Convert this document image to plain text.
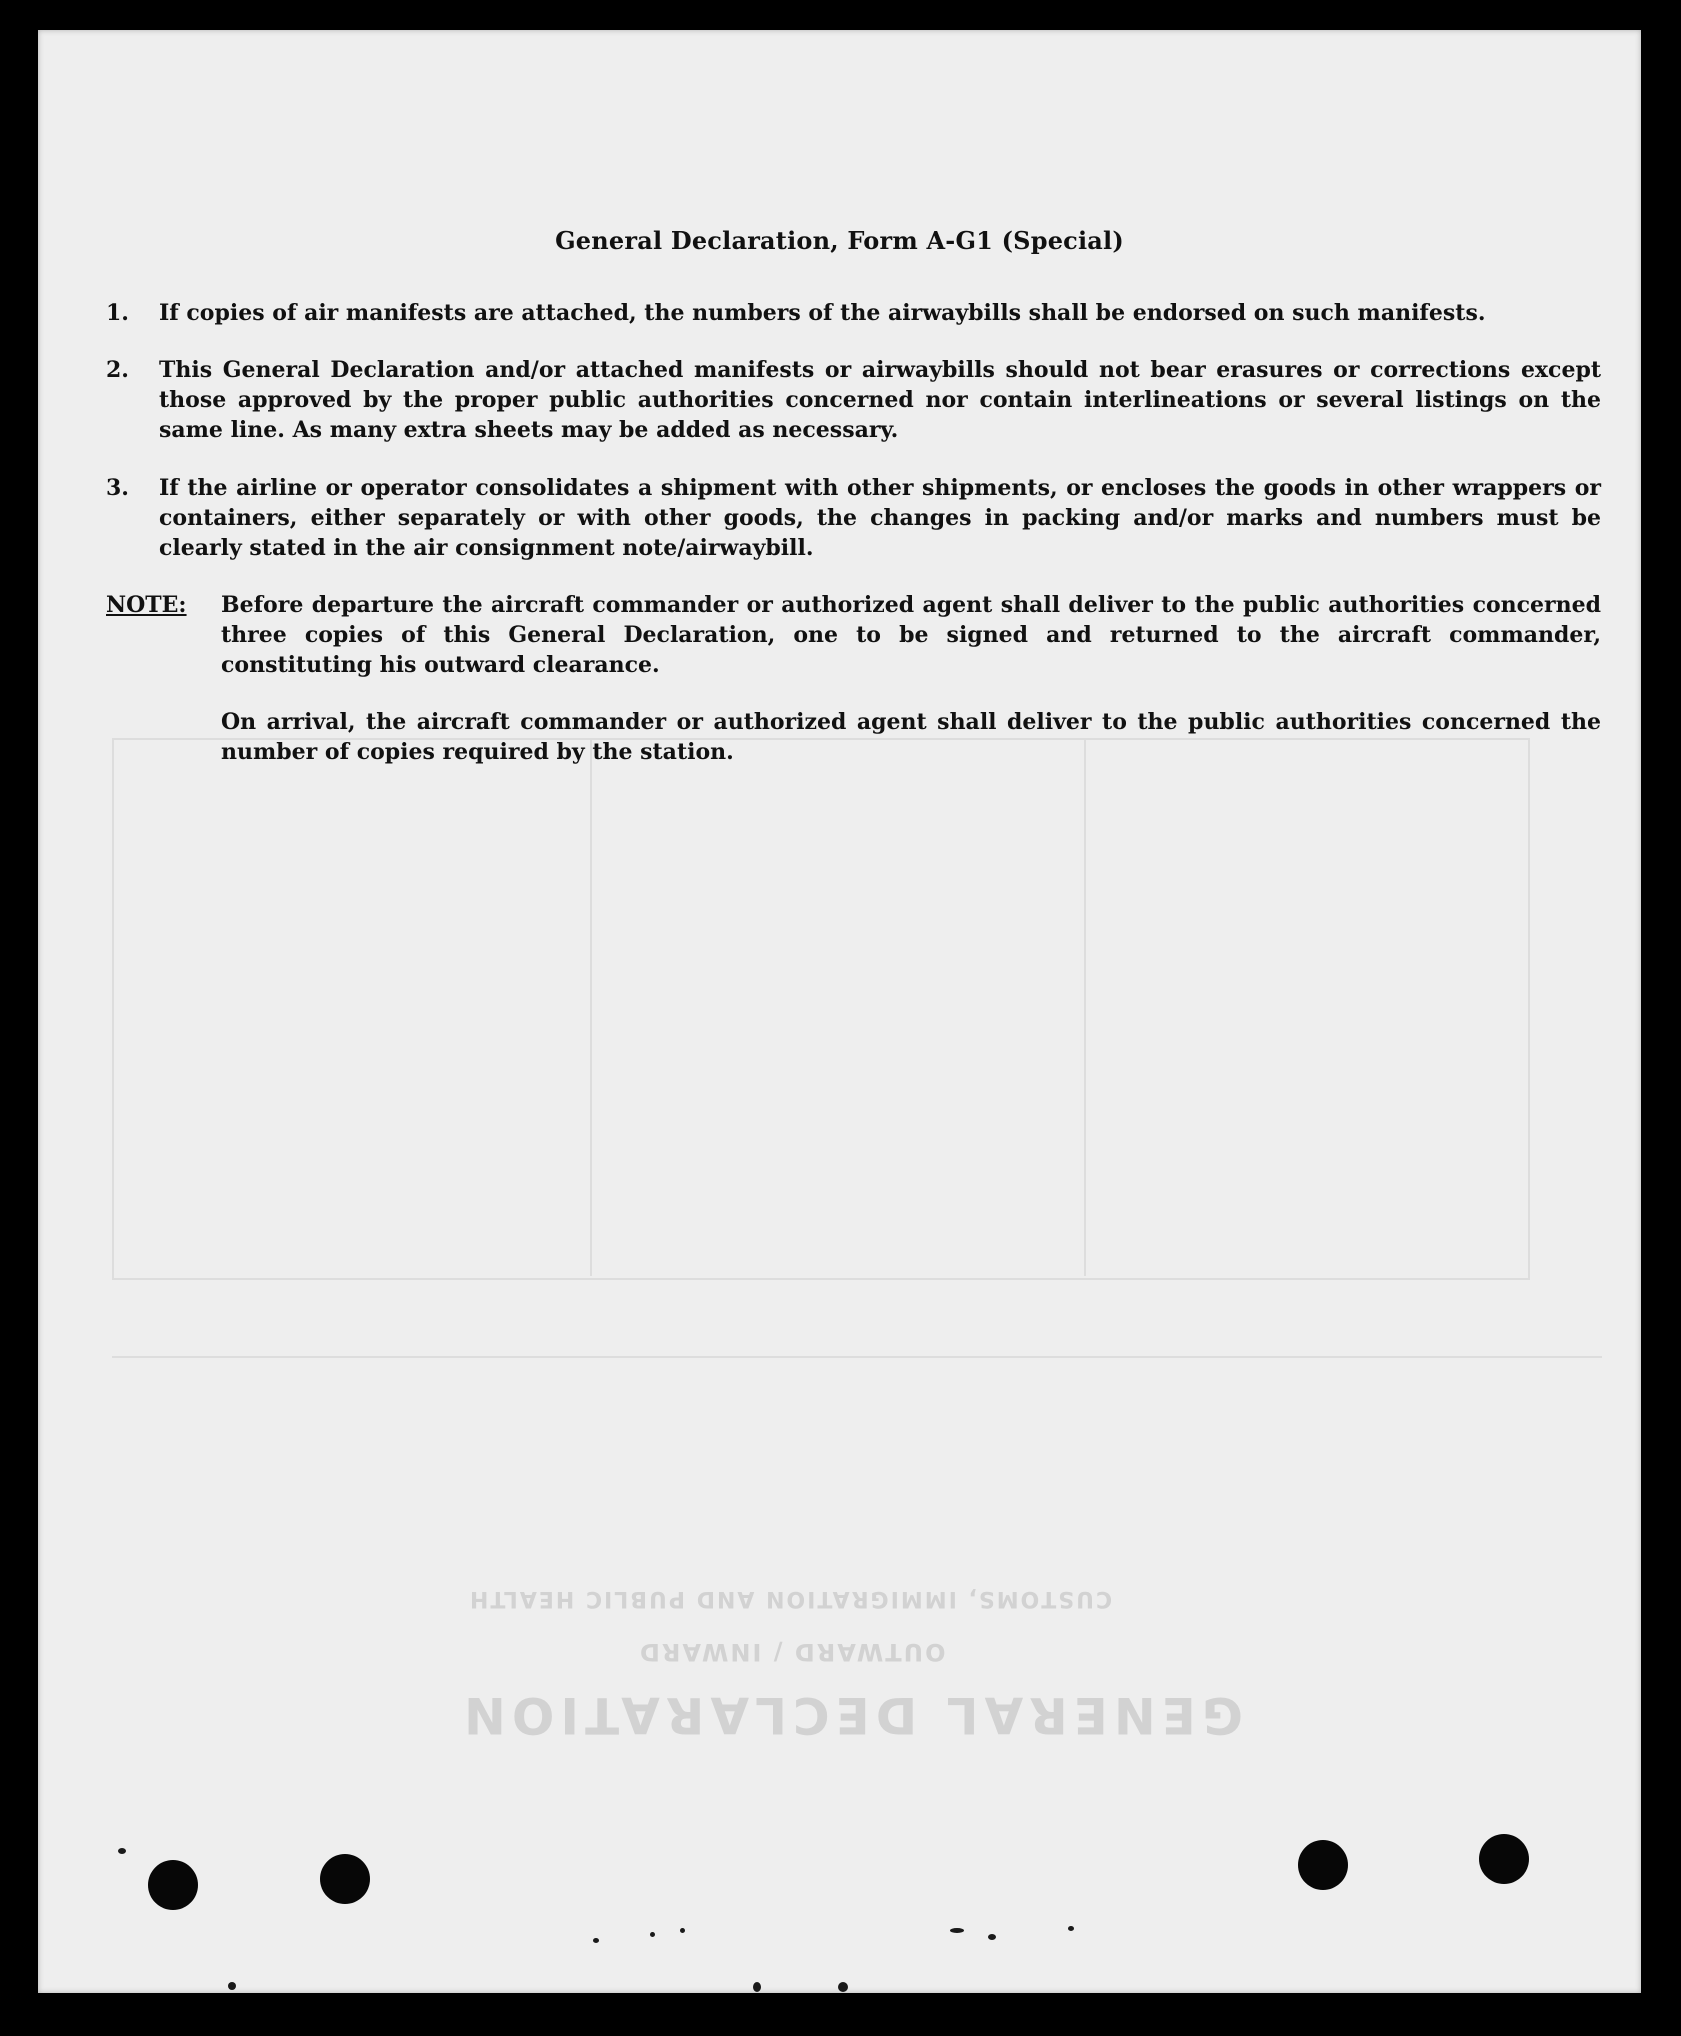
GENERAL DECLARATION
OUTWARD / INWARD
CUSTOMS, IMMIGRATION AND PUBLIC HEALTH
General Declaration, Form A-G1 (Special)
1.	If copies of air manifests are attached, the numbers of the airwaybills shall be endorsed on such manifests.
2.	This General Declaration and/or attached manifests or airwaybills should not bear erasures or corrections except those approved by the proper public authorities concerned nor contain interlineations or several listings on the same line. As many extra sheets may be added as necessary.
3.	If the airline or operator consolidates a shipment with other shipments, or encloses the goods in other wrappers or containers, either separately or with other goods, the changes in packing and/or marks and numbers must be clearly stated in the air consignment note/airwaybill.
NOTE: Before departure the aircraft commander or authorized agent shall deliver to the public authorities concerned three copies of this General Declaration, one to be signed and returned to the aircraft commander, constituting his outward clearance.
On arrival, the aircraft commander or authorized agent shall deliver to the public authorities concerned the number of copies required by the station.
